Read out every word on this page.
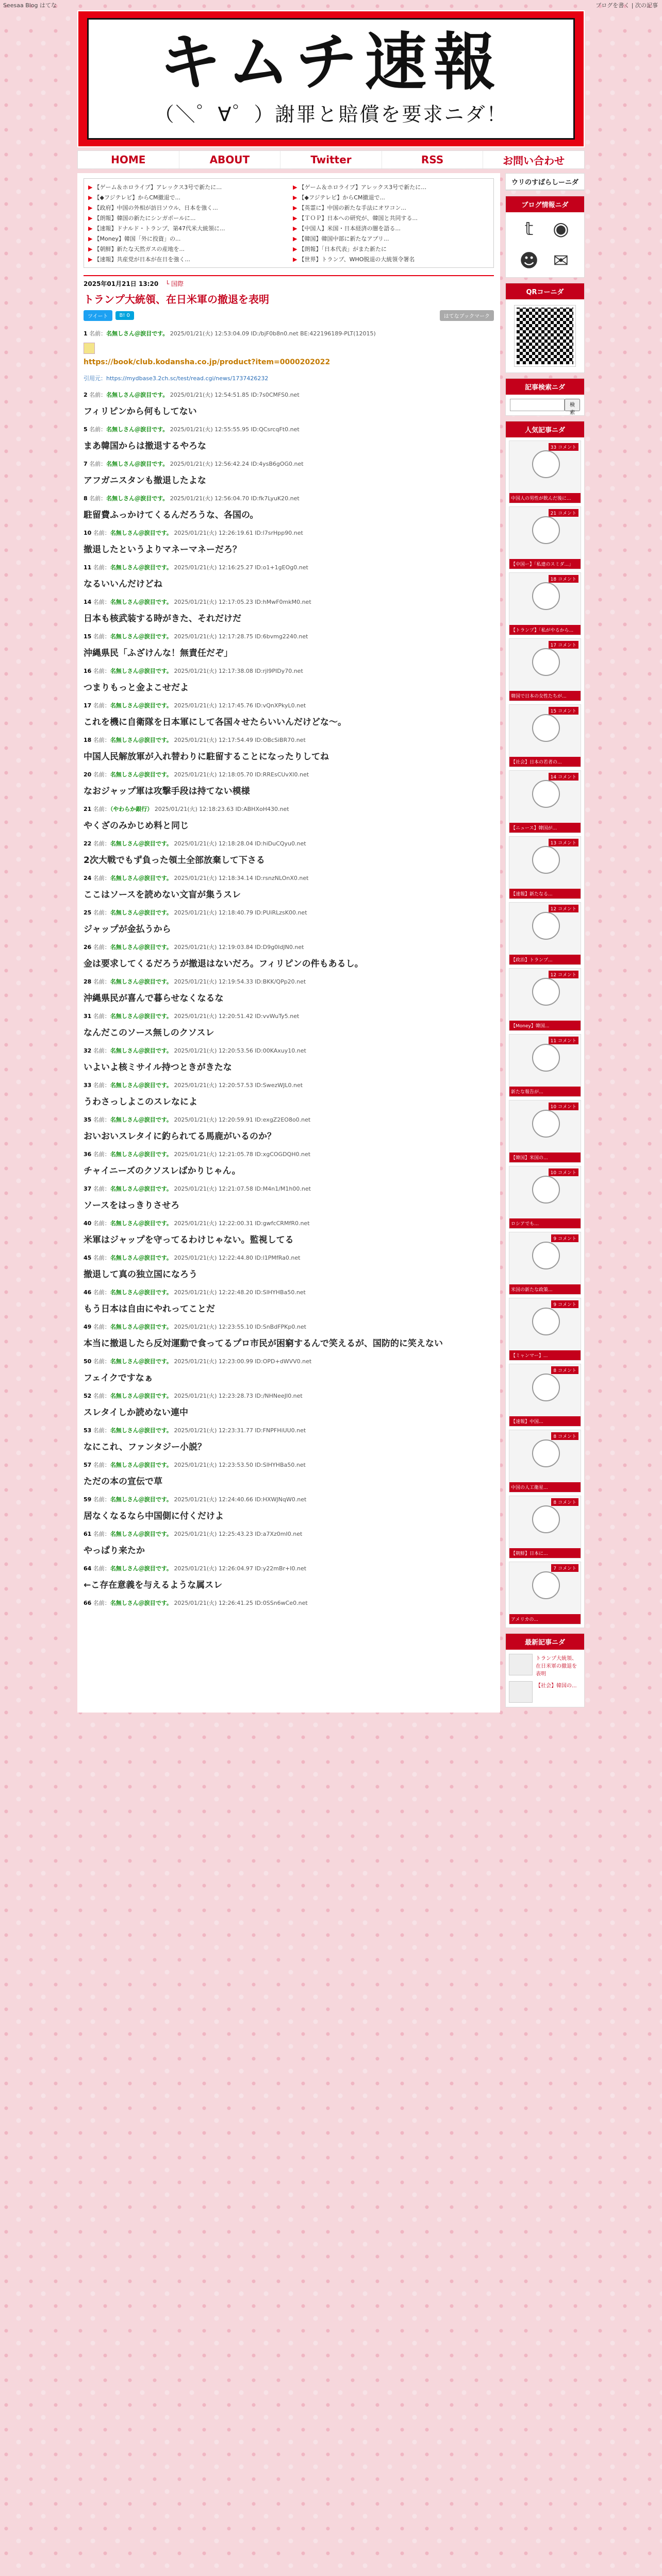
Seesaa Blog はてな	ブログを書く | 次の記事
キムチ速報
（＼゜∀゜）謝罪と賠償を要求ニダ！
HOME	ABOUT	Twitter	RSS	お問い合わせ
▶ 【ゲーム＆ホロライブ】アレックス3号で新たに…	▶ 【ゲーム＆ホロライブ】アレックス3号で新たに…
▶ 【◆フジテレビ】からCM撤退で...	▶ 【◆フジテレビ】からCM撤退で...
▶ 【政府】中国の外相が訪日ソウル、日本を強く...	▶ 【英霊に】中国の新たな手法にオワコン...
▶ 【朗報】韓国の新たにシンガポールに...	▶ 【ＴＯＰ】日本への研究が、韓国と共同する...
▶ 【速報】ドナルド・トランプ、第47代米大統領に...	▶ 【中国人】米国・日本経済の闇を語る...
▶ 【Money】韓国「外に投資」の...	▶ 【韓国】韓国中部に新たなアプリ...
▶ 【朝鮮】新たな天然ガスの産地を...	▶ 【朗報】「日本代表」がまた新たに
▶ 【速報】共産党が日本が在日を強く...	▶ 【世界】トランプ、WHO脱退の大統領令署名
2025年01月21日 13:20 └ 国際
トランプ大統領、在日米軍の撤退を表明
ツイート	B! 0	はてなブックマーク
1 名前：名無しさん＠涙目です。 2025/01/21(火) 12:53:04.09 ID:/bjF0b8n0.net BE:422196189-PLT(12015)
https://book/club.kodansha.co.jp/product?item=0000202022

引用元：https://mydbase3.2ch.sc/test/read.cgi/news/1737426232
2 名前：名無しさん＠涙目です。 2025/01/21(火) 12:54:51.85 ID:7s0CMFS0.net
フィリピンから何もしてない
5 名前：名無しさん＠涙目です。 2025/01/21(火) 12:55:55.95 ID:QCsrcqFt0.net
まあ韓国からは撤退するやろな
7 名前：名無しさん＠涙目です。 2025/01/21(火) 12:56:42.24 ID:4ysB6gOG0.net
アフガニスタンも撤退したよな
8 名前：名無しさん＠涙目です。 2025/01/21(火) 12:56:04.70 ID:fk7LyuK20.net
駐留費ふっかけてくるんだろうな、各国の。
10 名前：名無しさん＠涙目です。 2025/01/21(火) 12:26:19.61 ID:l7srHpp90.net
撤退したというよりマネーマネーだろ？
11 名前：名無しさん＠涙目です。 2025/01/21(火) 12:16:25.27 ID:o1+1gEOg0.net
なるいいんだけどね
14 名前：名無しさん＠涙目です。 2025/01/21(火) 12:17:05.23 ID:hMwF0mkM0.net
日本も核武装する時がきた、それだけだ
15 名前：名無しさん＠涙目です。 2025/01/21(火) 12:17:28.75 ID:6bvmg2240.net
沖縄県民「ふざけんな！無責任だぞ」
16 名前：名無しさん＠涙目です。 2025/01/21(火) 12:17:38.08 ID:rjl9PIDy70.net
つまりもっと金よこせだよ
17 名前：名無しさん＠涙目です。 2025/01/21(火) 12:17:45.76 ID:vQnXPkyL0.net
これを機に自衛隊を日本軍にして各国々せたらいいんだけどな〜。
18 名前：名無しさん＠涙目です。 2025/01/21(火) 12:17:54.49 ID:OBcSiBR70.net
中国人民解放軍が入れ替わりに駐留することになったりしてね
20 名前：名無しさん＠涙目です。 2025/01/21(火) 12:18:05.70 ID:RREsCUvXl0.net
なおジャップ軍は攻撃手段は持てない模様
21 名前：（やわらか銀行） 2025/01/21(火) 12:18:23.63 ID:ABHXoH430.net
やくざのみかじめ料と同じ
22 名前：名無しさん＠涙目です。 2025/01/21(火) 12:18:28.04 ID:hiDuCQyu0.net
2次大戦でもず負った領土全部放棄して下さる
24 名前：名無しさん＠涙目です。 2025/01/21(火) 12:18:34.14 ID:rsnzNLOnX0.net
ここはソースを読めない文盲が集うスレ
25 名前：名無しさん＠涙目です。 2025/01/21(火) 12:18:40.79 ID:PUiRLzsK00.net
ジャップが金払うから
26 名前：名無しさん＠涙目です。 2025/01/21(火) 12:19:03.84 ID:D9g0IdJN0.net
金は要求してくるだろうが撤退はないだろ。フィリピンの件もあるし。
28 名前：名無しさん＠涙目です。 2025/01/21(火) 12:19:54.33 ID:BKK/QPp20.net
沖縄県民が喜んで暮らせなくなるな
31 名前：名無しさん＠涙目です。 2025/01/21(火) 12:20:51.42 ID:vvWuTy5.net
なんだこのソース無しのクソスレ
32 名前：名無しさん＠涙目です。 2025/01/21(火) 12:20:53.56 ID:00KAxuy10.net
いよいよ核ミサイル持つときがきたな
33 名前：名無しさん＠涙目です。 2025/01/21(火) 12:20:57.53 ID:SwezWJL0.net
うわさっしよこのスレなによ
35 名前：名無しさん＠涙目です。 2025/01/21(火) 12:20:59.91 ID:exgZ2EO8o0.net
おいおいスレタイに釣られてる馬鹿がいるのか？
36 名前：名無しさん＠涙目です。 2025/01/21(火) 12:21:05.78 ID:xgCOGDQH0.net
チャイニーズのクソスレばかりじゃん。
37 名前：名無しさん＠涙目です。 2025/01/21(火) 12:21:07.58 ID:M4n1/M1h00.net
ソースをはっきりさせろ
40 名前：名無しさん＠涙目です。 2025/01/21(火) 12:22:00.31 ID:gwfcCRMfR0.net
米軍はジャップを守ってるわけじゃない。監視してる
45 名前：名無しさん＠涙目です。 2025/01/21(火) 12:22:44.80 ID:l1PMfRa0.net
撤退して真の独立国になろう
46 名前：名無しさん＠涙目です。 2025/01/21(火) 12:22:48.20 ID:SlHYHBa50.net
もう日本は自由にやれってことだ
49 名前：名無しさん＠涙目です。 2025/01/21(火) 12:23:55.10 ID:SnBdFPKp0.net
本当に撤退したら反対運動で食ってるプロ市民が困窮するんで笑えるが、国防的に笑えない
50 名前：名無しさん＠涙目です。 2025/01/21(火) 12:23:00.99 ID:OPD+dWVV0.net
フェイクですなぁ
52 名前：名無しさん＠涙目です。 2025/01/21(火) 12:23:28.73 ID:/NHNeeJI0.net
スレタイしか読めない連中
53 名前：名無しさん＠涙目です。 2025/01/21(火) 12:23:31.77 ID:FNPFHiUU0.net
なにこれ、ファンタジー小説？
57 名前：名無しさん＠涙目です。 2025/01/21(火) 12:23:53.50 ID:SlHYHBa50.net
ただの本の宣伝で草
59 名前：名無しさん＠涙目です。 2025/01/21(火) 12:24:40.66 ID:HXWJNqW0.net
居なくなるなら中国側に付くだけよ
61 名前：名無しさん＠涙目です。 2025/01/21(火) 12:25:43.23 ID:a7Xz0mI0.net
やっぱり来たか
64 名前：名無しさん＠涙目です。 2025/01/21(火) 12:26:04.97 ID:y22mBr+I0.net
←こ存在意義を与えるような属スレ
66 名前：名無しさん＠涙目です。 2025/01/21(火) 12:26:41.25 ID:0SSn6wCe0.net
ウリのすばらしーニダ
ブログ情報ニダ
𝕥	◉
☻ ✉
QRコーニダ
記事検索ニダ
検索
人気記事ニダ
33 コメント
中国人の男性が飲んだ後に...
21 コメント
【中国ー】「私達のスミダ...」
18 コメント
【トランプ】「私がやるから...
17 コメント
韓国で日本の女性たちが...
15 コメント
【社会】日本の若者の...
14 コメント
【ニュース】韓国が...
13 コメント
【速報】新たなる...
12 コメント
【政治】トランプ...
12 コメント
【Money】韓国...
11 コメント
新たな報告が...
10 コメント
【韓国】米国の...
10 コメント
ロシアでも...
9 コメント
米国の新たな政策...
9 コメント
【ミャンマー】...
8 コメント
【速報】中国...
8 コメント
中国の人工衛星...
8 コメント
【朝鮮】日本に...
7 コメント
アメリカの...
最新記事ニダ
トランプ大統領、在日米軍の撤退を表明
【社会】韓国の...
